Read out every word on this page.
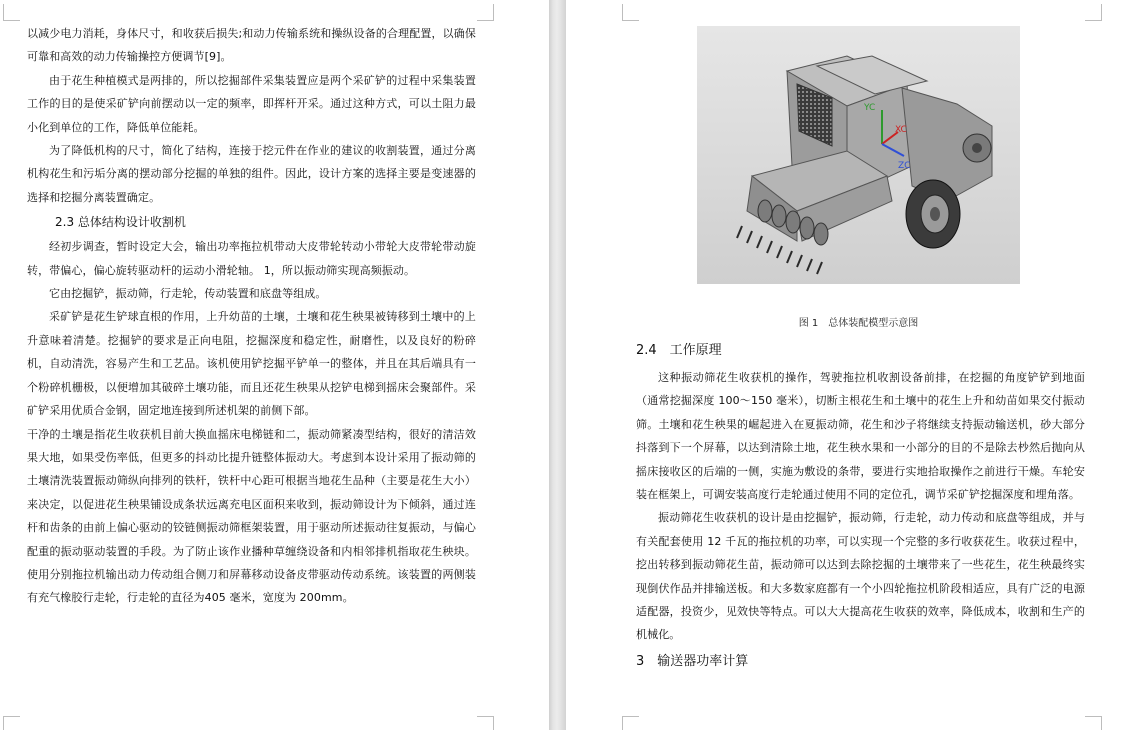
以减少电力消耗，身体尺寸，和收获后损失;和动力传输系统和操纵设备的合理配置，以确保可靠和高效的动力传输操控方便调节[9]。

由于花生种植模式是两排的，所以挖掘部件采集装置应是两个采矿铲的过程中采集装置工作的目的是使采矿铲向前摆动以一定的频率，即挥杆开采。通过这种方式，可以土阻力最小化到单位的工作，降低单位能耗。

为了降低机构的尺寸，简化了结构，连接于挖元件在作业的建议的收割装置，通过分离机构花生和污垢分离的摆动部分挖掘的单独的组件。因此，设计方案的选择主要是变速器的选择和挖掘分离装置确定。

2.3 总体结构设计收割机

经初步调查，暂时设定大会，输出功率拖拉机带动大皮带轮转动小带轮大皮带轮带动旋转，带偏心，偏心旋转驱动杆的运动小滑轮轴。 1，所以振动筛实现高频振动。

它由挖掘铲，振动筛，行走轮，传动装置和底盘等组成。

采矿铲是花生铲球直根的作用，上升幼苗的土壤，土壤和花生秧果被铸移到土壤中的上升意味着清楚。挖掘铲的要求是正向电阻，挖掘深度和稳定性，耐磨性，以及良好的粉碎机，自动清洗，容易产生和工艺品。该机使用铲挖掘平铲单一的整体，并且在其后端具有一个粉碎机栅极，以便增加其破碎土壤功能，而且还花生秧果从挖铲电梯到摇床会聚部件。采矿铲采用优质合金钢，固定地连接到所述机架的前侧下部。

干净的土壤是指花生收获机目前大换血摇床电梯链和二，振动筛紧凑型结构，很好的清洁效果大地，如果受伤率低，但更多的抖动比提升链整体振动大。考虑到本设计采用了振动筛的土壤清洗装置振动筛纵向排列的铁杆，铁杆中心距可根据当地花生品种（主要是花生大小）来决定，以促进花生秧果铺设成条状远离充电区面积来收到，振动筛设计为下倾斜，通过连杆和齿条的由前上偏心驱动的铰链侧振动筛框架装置，用于驱动所述振动往复振动，与偏心配重的振动驱动装置的手段。为了防止该作业播种草缠绕设备和内相邻排机指取花生秧块。使用分别拖拉机输出动力传动组合侧刀和屏幕移动设备皮带驱动传动系统。该装置的两侧装有充气橡胶行走轮，行走轮的直径为405 毫米，宽度为 200mm。

YC
XC
ZC

图 1　总体装配模型示意图

2.4　工作原理

这种振动筛花生收获机的操作，驾驶拖拉机收割设备前排，在挖掘的角度铲铲到地面（通常挖掘深度 100〜150 毫米），切断主根花生和土壤中的花生上升和幼苗如果交付振动筛。土壤和花生秧果的崛起进入在夏振动筛，花生和沙子将继续支持振动输送机，砂大部分抖落到下一个屏幕，以达到清除土地，花生秧水果和一小部分的目的不是除去杪然后抛向从摇床接收区的后端的一侧，实施为敷设的条带，要进行实地拾取操作之前进行干燥。车轮安装在框架上，可调安装高度行走轮通过使用不同的定位孔，调节采矿铲挖掘深度和埋角落。

振动筛花生收获机的设计是由挖掘铲，振动筛，行走轮，动力传动和底盘等组成，并与有关配套使用 12 千瓦的拖拉机的功率，可以实现一个完整的多行收获花生。收获过程中，挖出转移到振动筛花生苗，振动筛可以达到去除挖掘的土壤带来了一些花生，花生秧最终实现倒伏作品并排输送板。和大多数家庭都有一个小四轮拖拉机阶段相适应，具有广泛的电源适配器，投资少，见效快等特点。可以大大提高花生收获的效率，降低成本，收割和生产的机械化。

3　输送器功率计算
